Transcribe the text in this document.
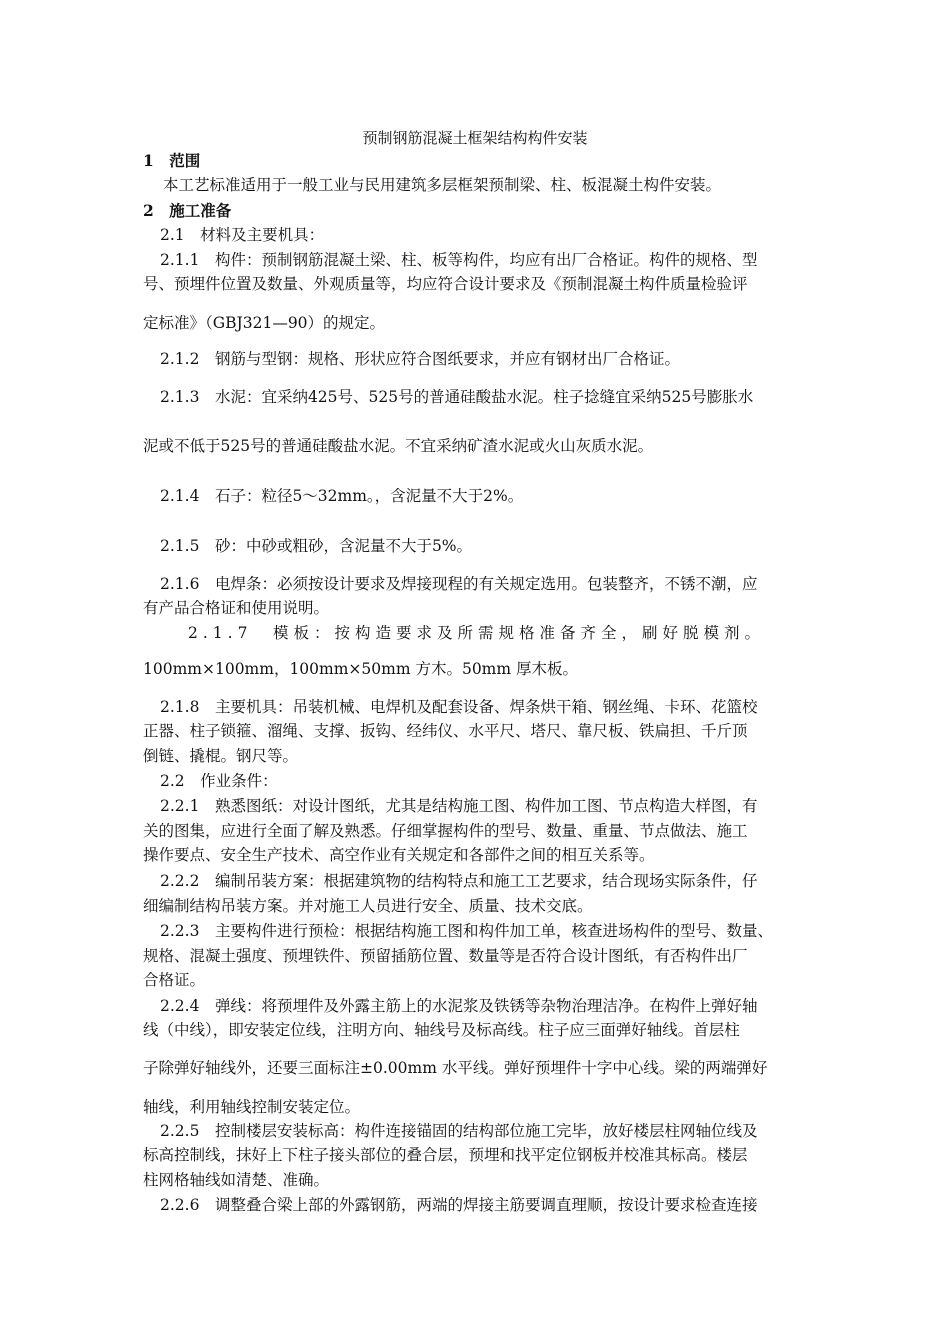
预制钢筋混凝土框架结构构件安装
1　范围
本工艺标准适用于一般工业与民用建筑多层框架预制梁、柱、板混凝土构件安装。
2　施工准备
2.1　材料及主要机具：
2.1.1　构件：预制钢筋混凝土梁、柱、板等构件，均应有出厂合格证。构件的规格、型
号、预埋件位置及数量、外观质量等，均应符合设计要求及《预制混凝土构件质量检验评
定标准》（GBJ321—90）的规定。
2.1.2　钢筋与型钢：规格、形状应符合图纸要求，并应有钢材出厂合格证。
2.1.3　水泥：宜采纳425号、525号的普通硅酸盐水泥。柱子捻缝宜采纳525号膨胀水
泥或不低于525号的普通硅酸盐水泥。不宜采纳矿渣水泥或火山灰质水泥。
2.1.4　石子：粒径5～32mm。，含泥量不大于2%。
2.1.5　砂：中砂或粗砂，含泥量不大于5%。
2.1.6　电焊条：必须按设计要求及焊接现程的有关规定选用。包装整齐，不锈不潮，应
有产品合格证和使用说明。
2.1.7　模板：按构造要求及所需规格准备齐全，刷好脱模剂。
100mm×100mm，100mm×50mm 方木。50mm 厚木板。
2.1.8　主要机具：吊装机械、电焊机及配套设备、焊条烘干箱、钢丝绳、卡环、花篮校
正器、柱子锁箍、溜绳、支撑、扳钩、经纬仪、水平尺、塔尺、靠尺板、铁扁担、千斤顶
倒链、撬棍。钢尺等。
2.2　作业条件：
2.2.1　熟悉图纸：对设计图纸，尤其是结构施工图、构件加工图、节点构造大样图，有
关的图集，应进行全面了解及熟悉。仔细掌握构件的型号、数量、重量、节点做法、施工
操作要点、安全生产技术、高空作业有关规定和各部件之间的相互关系等。
2.2.2　编制吊装方案：根据建筑物的结构特点和施工工艺要求，结合现场实际条件，仔
细编制结构吊装方案。并对施工人员进行安全、质量、技术交底。
2.2.3　主要构件进行预检：根据结构施工图和构件加工单，核查进场构件的型号、数量、
规格、混凝土强度、预埋铁件、预留插筋位置、数量等是否符合设计图纸，有否构件出厂
合格证。
2.2.4　弹线：将预埋件及外露主筋上的水泥浆及铁锈等杂物治理洁净。在构件上弹好轴
线（中线），即安装定位线，注明方向、轴线号及标高线。柱子应三面弹好轴线。首层柱
子除弹好轴线外，还要三面标注±0.00mm 水平线。弹好预埋件十字中心线。梁的两端弹好
轴线，利用轴线控制安装定位。
2.2.5　控制楼层安装标高：构件连接锚固的结构部位施工完毕，放好楼层柱网轴位线及
标高控制线，抹好上下柱子接头部位的叠合层，预埋和找平定位钢板并校准其标高。楼层
柱网格轴线如清楚、准确。
2.2.6　调整叠合梁上部的外露钢筋，两端的焊接主筋要调直理顺，按设计要求检查连接
